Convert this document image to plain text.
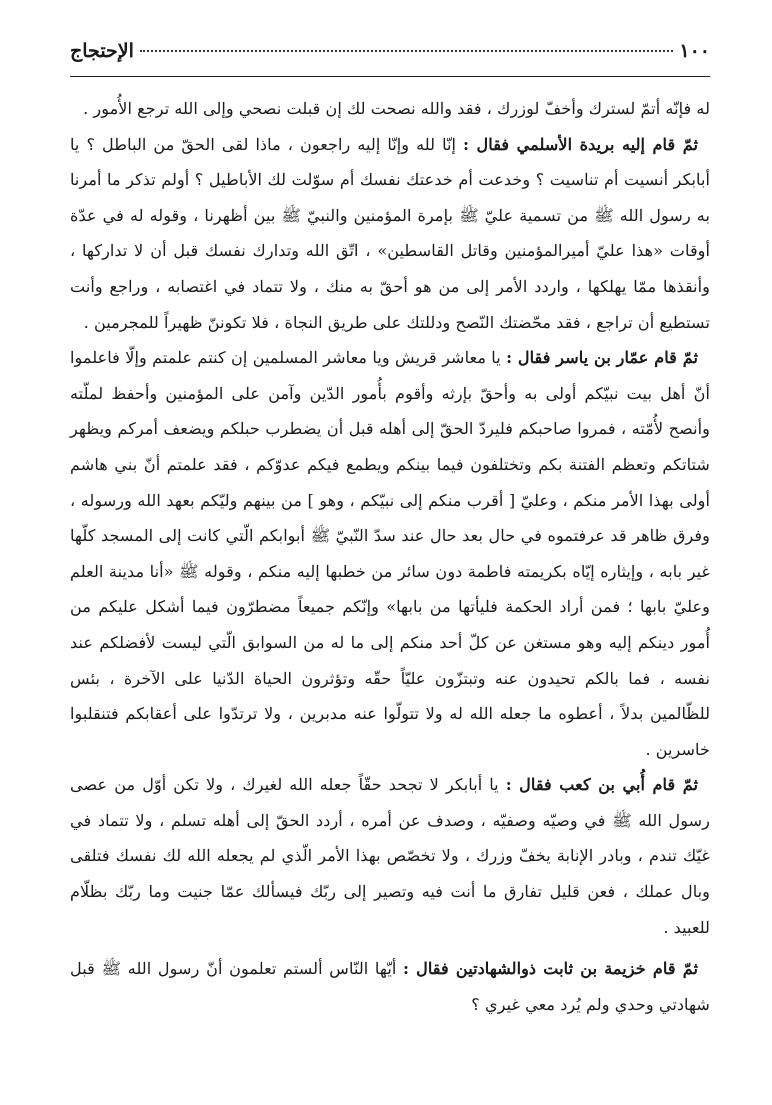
١٠٠
الإحتجاج

له فإنّه أتمّ لسترك وأخفّ لوزرك ، فقد والله نصحت لك إن قبلت نصحي وإلى الله ترجع الأُمور .

ثمّ قام إليه بريدة الأسلمي فقال : إنّا لله وإنّا إليه راجعون ، ماذا لقى الحقّ من الباطل ؟ يا أبابكر أنسيت أم تناسيت ؟ وخدعت أم خدعتك نفسك أم سوّلت لك الأباطيل ؟ أولم تذكر ما أمرنا به رسول الله ﷺ من تسمية عليّ ﷺ بإمرة المؤمنين والنبيّ ﷺ بين أظهرنا ، وقوله له في عدّة أوقات «هذا عليّ أميرالمؤمنين وقاتل القاسطين» ، اتّق الله وتدارك نفسك قبل أن لا تداركها ، وأنقذها ممّا يهلكها ، واردد الأمر إلى من هو أحقّ به منك ، ولا تتماد في اغتصابه ، وراجع وأنت تستطيع أن تراجع ، فقد محّضتك النّصح ودللتك على طريق النجاة ، فلا تكوننّ ظهيراً للمجرمين .

ثمّ قام عمّار بن ياسر فقال : يا معاشر قريش ويا معاشر المسلمين إن كنتم علمتم وإلّا فاعلموا أنّ أهل بيت نبيّكم أولى به وأحقّ بإرثه وأقوم بأُمور الدّين وآمن على المؤمنين وأحفظ لملّته وأنصح لأُمّته ، فمروا صاحبكم فليردّ الحقّ إلى أهله قبل أن يضطرب حبلكم ويضعف أمركم ويظهر شتاتكم وتعظم الفتنة بكم وتختلفون فيما بينكم ويطمع فيكم عدوّكم ، فقد علمتم أنّ بني هاشم أولى بهذا الأمر منكم ، وعليّ [ أقرب منكم إلى نبيّكم ، وهو ] من بينهم وليّكم بعهد الله ورسوله ، وفرق ظاهر قد عرفتموه في حال بعد حال عند سدّ النّبيّ ﷺ أبوابكم الّتي كانت إلى المسجد كلّها غير بابه ، وإيثاره إيّاه بكريمته فاطمة دون سائر من خطبها إليه منكم ، وقوله ﷺ «أنا مدينة العلم وعليّ بابها ؛ فمن أراد الحكمة فليأتها من بابها» وإنّكم جميعاً مضطرّون فيما أشكل عليكم من أُمور دينكم إليه وهو مستغن عن كلّ أحد منكم إلى ما له من السوابق الّتي ليست لأفضلكم عند نفسه ، فما بالكم تحيدون عنه وتبتزّون عليّاً حقّه وتؤثرون الحياة الدّنيا على الآخرة ، بئس للظّالمين بدلاً ، أعطوه ما جعله الله له ولا تتولّوا عنه مدبرين ، ولا ترتدّوا على أعقابكم فتنقلبوا خاسرين .

ثمّ قام أُبي بن كعب فقال : يا أبابكر لا تجحد حقّاً جعله الله لغيرك ، ولا تكن أوّل من عصى رسول الله ﷺ في وصيّه وصفيّه ، وصدف عن أمره ، أردد الحقّ إلى أهله تسلم ، ولا تتماد في غيّك تندم ، وبادر الإنابة يخفّ وزرك ، ولا تخصّص بهذا الأمر الّذي لم يجعله الله لك نفسك فتلقى وبال عملك ، فعن قليل تفارق ما أنت فيه وتصير إلى ربّك فيسألك عمّا جنيت وما ربّك بظلّام للعبيد .

ثمّ قام خزيمة بن ثابت ذوالشهادتين فقال : أيّها النّاس ألستم تعلمون أنّ رسول الله ﷺ قبل شهادتي وحدي ولم يُرد معي غيري ؟
